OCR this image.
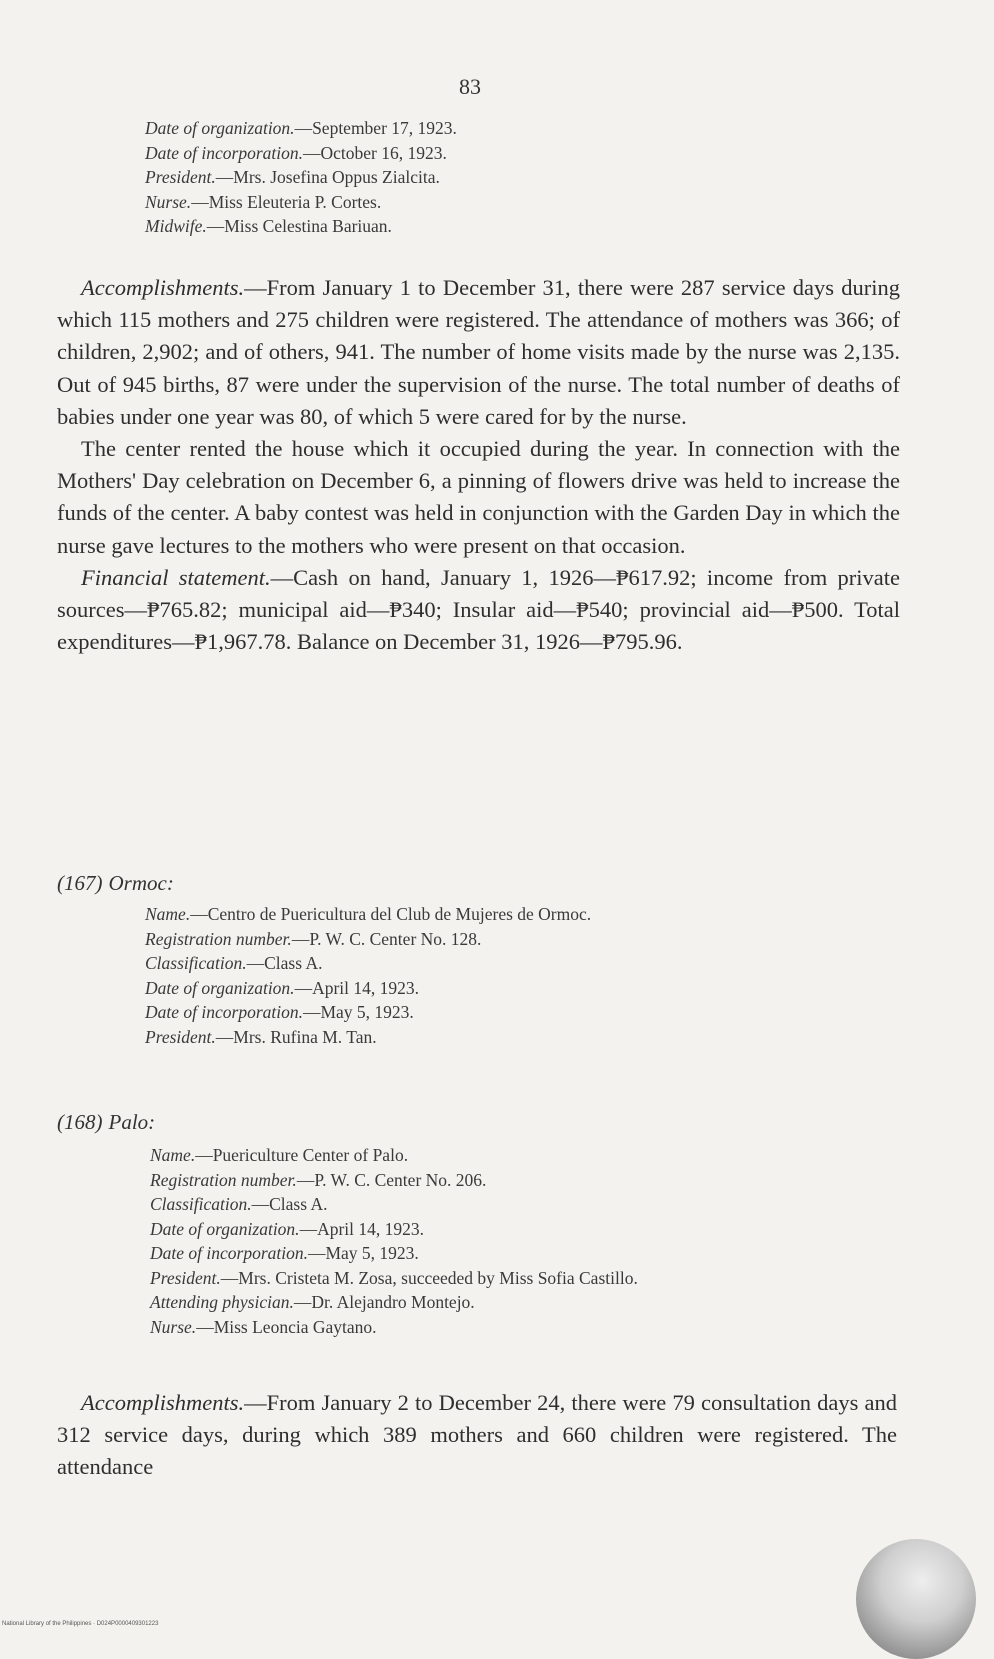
83
Date of organization.—September 17, 1923.
Date of incorporation.—October 16, 1923.
President.—Mrs. Josefina Oppus Zialcita.
Nurse.—Miss Eleuteria P. Cortes.
Midwife.—Miss Celestina Bariuan.

Accomplishments.—From January 1 to December 31, there were 287 service days during which 115 mothers and 275 children were registered. The attendance of mothers was 366; of children, 2,902; and of others, 941. The number of home visits made by the nurse was 2,135. Out of 945 births, 87 were under the supervision of the nurse. The total number of deaths of babies under one year was 80, of which 5 were cared for by the nurse.

The center rented the house which it occupied during the year. In connection with the Mothers' Day celebration on December 6, a pinning of flowers drive was held to increase the funds of the center. A baby contest was held in conjunction with the Garden Day in which the nurse gave lectures to the mothers who were present on that occasion.

Financial statement.—Cash on hand, January 1, 1926—₱617.92; income from private sources—₱765.82; municipal aid—₱340; Insular aid—₱540; provincial aid—₱500. Total expenditures—₱1,967.78. Balance on December 31, 1926—₱795.96.

(167) Ormoc:
Name.—Centro de Puericultura del Club de Mujeres de Ormoc.
Registration number.—P. W. C. Center No. 128.
Classification.—Class A.
Date of organization.—April 14, 1923.
Date of incorporation.—May 5, 1923.
President.—Mrs. Rufina M. Tan.
(168) Palo:
Name.—Puericulture Center of Palo.
Registration number.—P. W. C. Center No. 206.
Classification.—Class A.
Date of organization.—April 14, 1923.
Date of incorporation.—May 5, 1923.
President.—Mrs. Cristeta M. Zosa, succeeded by Miss Sofia Castillo.
Attending physician.—Dr. Alejandro Montejo.
Nurse.—Miss Leoncia Gaytano.

Accomplishments.—From January 2 to December 24, there were 79 consultation days and 312 service days, during which 389 mothers and 660 children were registered. The attendance

National Library of the Philippines · D024P0000409301223
